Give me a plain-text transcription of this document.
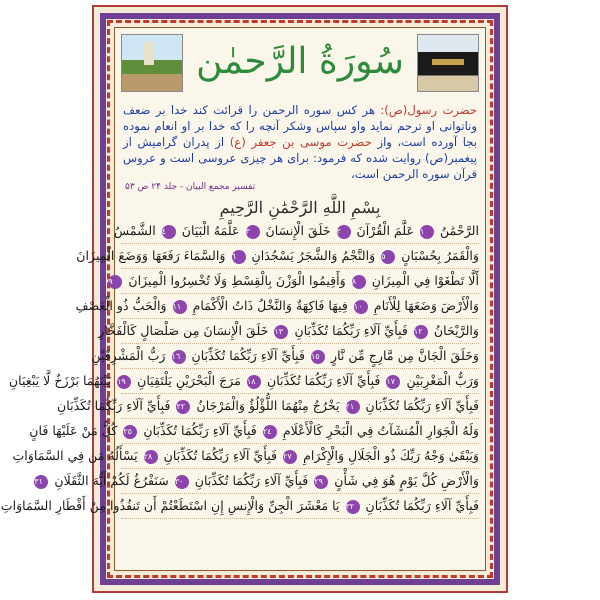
سُورَةُ الرَّحمٰن

حضرت رسول(ص): هر کس سوره الرحمن را قرائت کند خدا بر ضعف وناتوانی او ترحم نماید واو سپاس وشکر آنچه را که خدا بر او انعام نموده بجا آورده است، واز حضرت موسی بن جعفر (ع) از پدران گرامیش از پیغمبر(ص) روایت شده که فرمود: برای هر چیزی عروسی است و عروس قرآن سوره الرحمن است،

تفسیر مجمع البیان - جلد ۲۴ ص ۵۳
بِسْمِ اللَّهِ الرَّحْمَٰنِ الرَّحِيمِ
الرَّحْمَٰنُ ١ عَلَّمَ الْقُرْآنَ ٢ خَلَقَ الْإِنسَانَ ٣ عَلَّمَهُ الْبَيَانَ ٤ الشَّمْسُ
وَالْقَمَرُ بِحُسْبَانٍ ٥ وَالنَّجْمُ وَالشَّجَرُ يَسْجُدَانِ ٦ وَالسَّمَاءَ رَفَعَهَا وَوَضَعَ الْمِيزَانَ
أَلَّا تَطْغَوْا فِي الْمِيزَانِ ٨ وَأَقِيمُوا الْوَزْنَ بِالْقِسْطِ وَلَا تُخْسِرُوا الْمِيزَانَ ٩
وَالْأَرْضَ وَضَعَهَا لِلْأَنَامِ ١٠ فِيهَا فَاكِهَةٌ وَالنَّخْلُ ذَاتُ الْأَكْمَامِ ١١ وَالْحَبُّ ذُو الْعَصْفِ
وَالرَّيْحَانُ ١٢ فَبِأَيِّ آلَاءِ رَبِّكُمَا تُكَذِّبَانِ ١٣ خَلَقَ الْإِنسَانَ مِن صَلْصَالٍ كَالْفَخَّارِ
وَخَلَقَ الْجَانَّ مِن مَّارِجٍ مِّن نَّارٍ ١٥ فَبِأَيِّ آلَاءِ رَبِّكُمَا تُكَذِّبَانِ ١٦ رَبُّ الْمَشْرِقَيْنِ
وَرَبُّ الْمَغْرِبَيْنِ ١٧ فَبِأَيِّ آلَاءِ رَبِّكُمَا تُكَذِّبَانِ ١٨ مَرَجَ الْبَحْرَيْنِ يَلْتَقِيَانِ ١٩ بَيْنَهُمَا بَرْزَخٌ لَّا يَبْغِيَانِ
فَبِأَيِّ آلَاءِ رَبِّكُمَا تُكَذِّبَانِ ٢١ يَخْرُجُ مِنْهُمَا اللُّؤْلُؤُ وَالْمَرْجَانُ ٢٢ فَبِأَيِّ آلَاءِ رَبِّكُمَا تُكَذِّبَانِ
وَلَهُ الْجَوَارِ الْمُنشَآتُ فِي الْبَحْرِ كَالْأَعْلَامِ ٢٤ فَبِأَيِّ آلَاءِ رَبِّكُمَا تُكَذِّبَانِ ٢٥ كُلُّ مَنْ عَلَيْهَا فَانٍ
وَيَبْقَىٰ وَجْهُ رَبِّكَ ذُو الْجَلَالِ وَالْإِكْرَامِ ٢٧ فَبِأَيِّ آلَاءِ رَبِّكُمَا تُكَذِّبَانِ ٢٨ يَسْأَلُهُ مَن فِي السَّمَاوَاتِ
وَالْأَرْضِ كُلَّ يَوْمٍ هُوَ فِي شَأْنٍ ٢٩ فَبِأَيِّ آلَاءِ رَبِّكُمَا تُكَذِّبَانِ ٣٠ سَنَفْرُغُ لَكُمْ أَيُّهَ الثَّقَلَانِ ٣١
فَبِأَيِّ آلَاءِ رَبِّكُمَا تُكَذِّبَانِ ٣٢ يَا مَعْشَرَ الْجِنِّ وَالْإِنسِ إِنِ اسْتَطَعْتُمْ أَن تَنفُذُوا مِنْ أَقْطَارِ السَّمَاوَاتِ
